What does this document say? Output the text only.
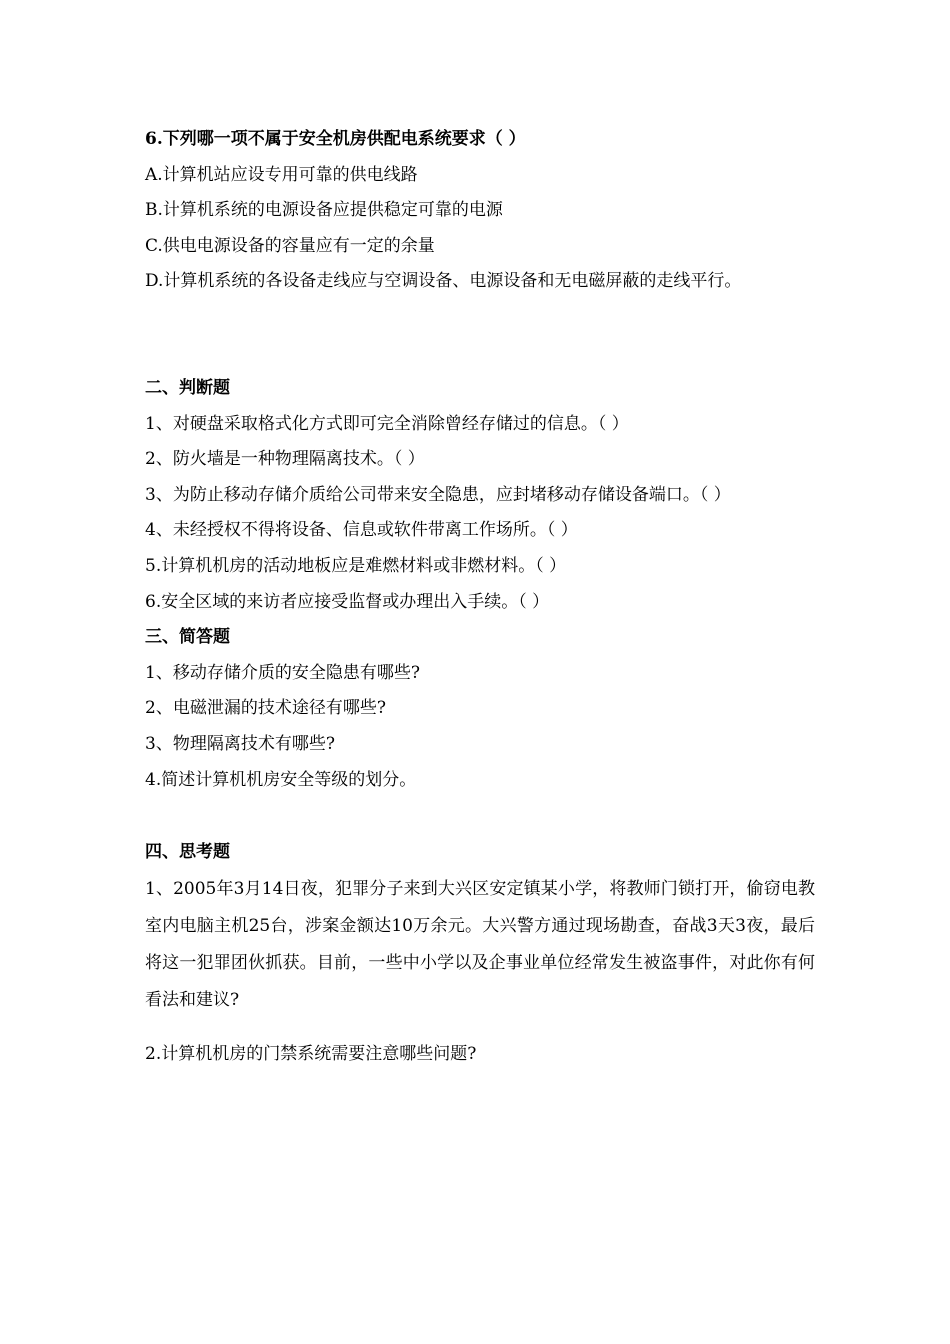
6.下列哪一项不属于安全机房供配电系统要求（ ）

A.计算机站应设专用可靠的供电线路

B.计算机系统的电源设备应提供稳定可靠的电源

C.供电电源设备的容量应有一定的余量

D.计算机系统的各设备走线应与空调设备、电源设备和无电磁屏蔽的走线平行。

二、判断题

1、对硬盘采取格式化方式即可完全消除曾经存储过的信息。（ ）

2、防火墙是一种物理隔离技术。（ ）

3、为防止移动存储介质给公司带来安全隐患，应封堵移动存储设备端口。（ ）

4、未经授权不得将设备、信息或软件带离工作场所。（ ）

5.计算机机房的活动地板应是难燃材料或非燃材料。（ ）

6.安全区域的来访者应接受监督或办理出入手续。（ ）

三、简答题

1、移动存储介质的安全隐患有哪些?

2、电磁泄漏的技术途径有哪些?

3、物理隔离技术有哪些?

4.简述计算机机房安全等级的划分。

四、思考题

1、2005年3月14日夜，犯罪分子来到大兴区安定镇某小学，将教师门锁打开，偷窃电教室内电脑主机25台，涉案金额达10万余元。大兴警方通过现场勘查，奋战3天3夜，最后将这一犯罪团伙抓获。目前，一些中小学以及企事业单位经常发生被盗事件，对此你有何看法和建议?

2.计算机机房的门禁系统需要注意哪些问题?
